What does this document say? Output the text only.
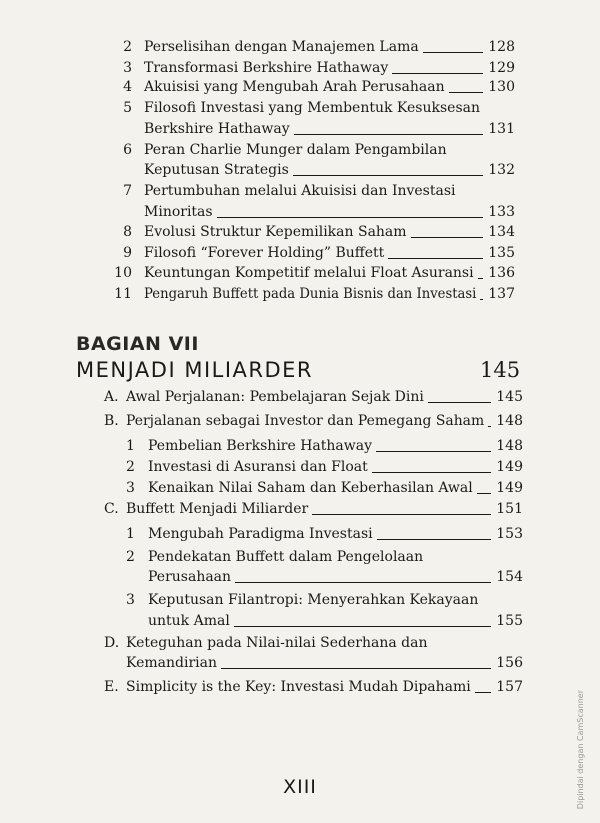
2 Perselisihan dengan Manajemen Lama	128
3 Transformasi Berkshire Hathaway	129
4 Akuisisi yang Mengubah Arah Perusahaan	130
5 Filosofi Investasi yang Membentuk Kesuksesan
Berkshire Hathaway	131
6 Peran Charlie Munger dalam Pengambilan
Keputusan Strategis	132
7 Pertumbuhan melalui Akuisisi dan Investasi
Minoritas	133
8 Evolusi Struktur Kepemilikan Saham	134
9 Filosofi “Forever Holding” Buffett	135
10 Keuntungan Kompetitif melalui Float Asuransi 136
11 Pengaruh Buffett pada Dunia Bisnis dan Investasi 137
BAGIAN VII
MENJADI MILIARDER	145
A. Awal Perjalanan: Pembelajaran Sejak Dini	145
B. Perjalanan sebagai Investor dan Pemegang Saham 148
1 Pembelian Berkshire Hathaway	148
2 Investasi di Asuransi dan Float	149
3 Kenaikan Nilai Saham dan Keberhasilan Awal 149
C. Buffett Menjadi Miliarder	151
1 Mengubah Paradigma Investasi	153
2 Pendekatan Buffett dalam Pengelolaan
Perusahaan	154
3 Keputusan Filantropi: Menyerahkan Kekayaan
untuk Amal	155
D. Keteguhan pada Nilai-nilai Sederhana dan
Kemandirian	156
E. Simplicity is the Key: Investasi Mudah Dipahami 157
XIII	Dipindai dengan CamScanner
